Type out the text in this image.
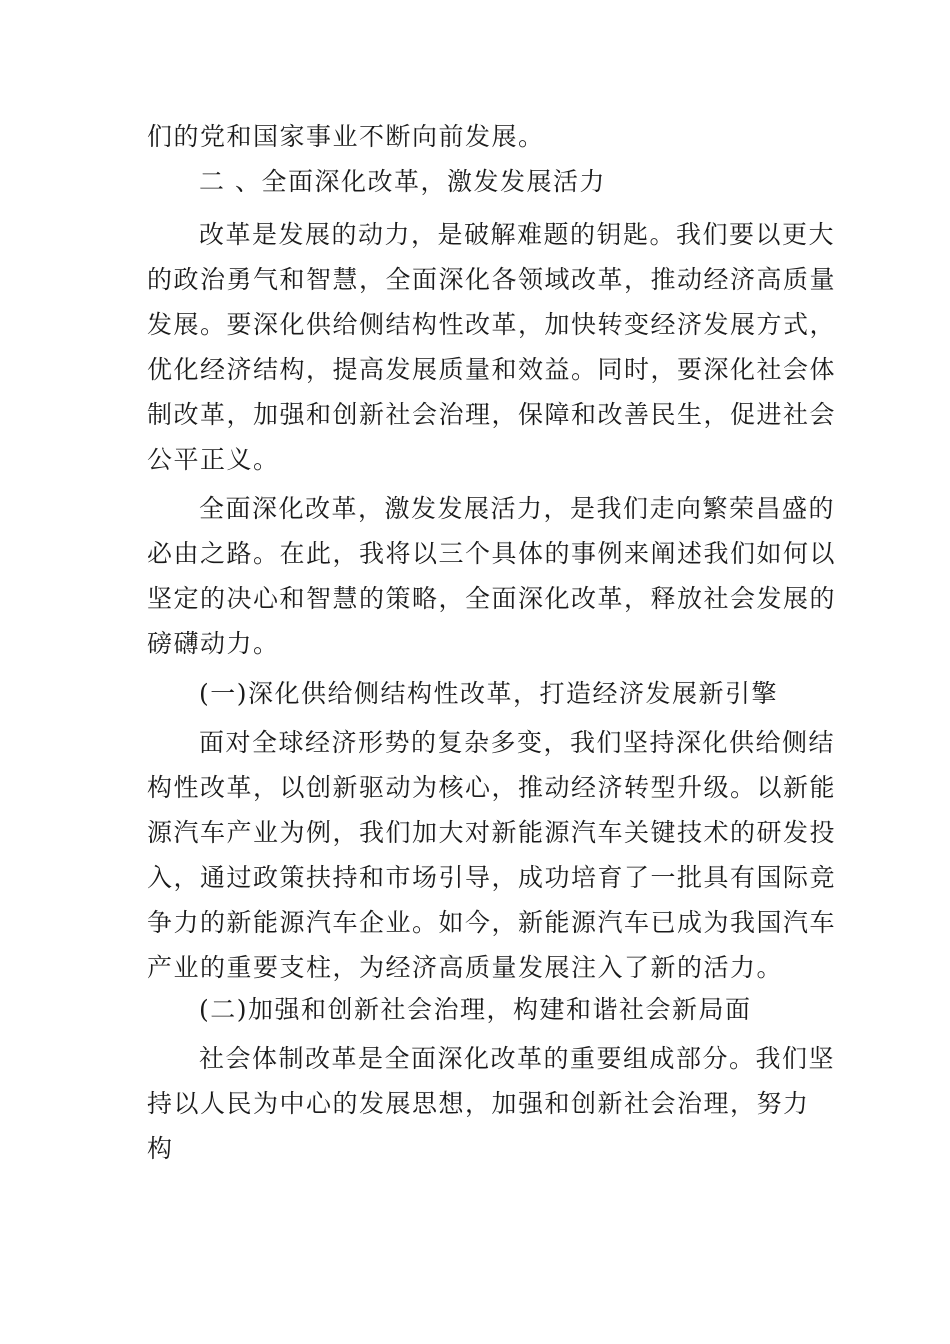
们的党和国家事业不断向前发展。
二 、全面深化改革，激发发展活力
改革是发展的动力，是破解难题的钥匙。我们要以更大
的政治勇气和智慧，全面深化各领域改革，推动经济高质量
发展。要深化供给侧结构性改革，加快转变经济发展方式，
优化经济结构，提高发展质量和效益。同时，要深化社会体
制改革，加强和创新社会治理，保障和改善民生，促进社会
公平正义。
全面深化改革，激发发展活力，是我们走向繁荣昌盛的
必由之路。在此，我将以三个具体的事例来阐述我们如何以
坚定的决心和智慧的策略，全面深化改革，释放社会发展的
磅礴动力。
(一)深化供给侧结构性改革，打造经济发展新引擎
面对全球经济形势的复杂多变，我们坚持深化供给侧结
构性改革，以创新驱动为核心，推动经济转型升级。以新能
源汽车产业为例，我们加大对新能源汽车关键技术的研发投
入，通过政策扶持和市场引导，成功培育了一批具有国际竞
争力的新能源汽车企业。如今，新能源汽车已成为我国汽车
产业的重要支柱，为经济高质量发展注入了新的活力。
(二)加强和创新社会治理，构建和谐社会新局面
社会体制改革是全面深化改革的重要组成部分。我们坚
持以人民为中心的发展思想，加强和创新社会治理，努力
构
